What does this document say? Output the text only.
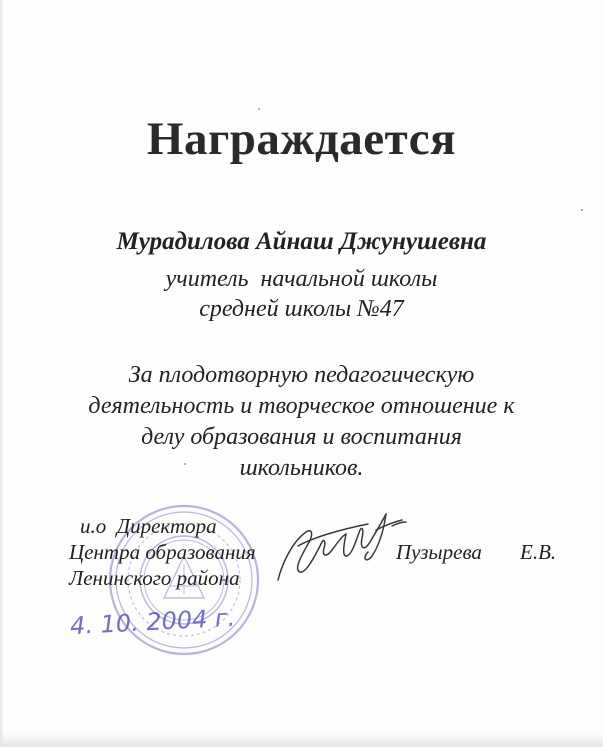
Награждается
Мурадилова Айнаш Джунушевна
учитель  начальной школы
средней школы №47
За плодотворную педагогическую
деятельность и творческое отношение к
делу образования и воспитания
школьников.
и.о  Директора
Центра образования
Ленинского района
Пузырева Е.В.
4. 10. 2004 г.
